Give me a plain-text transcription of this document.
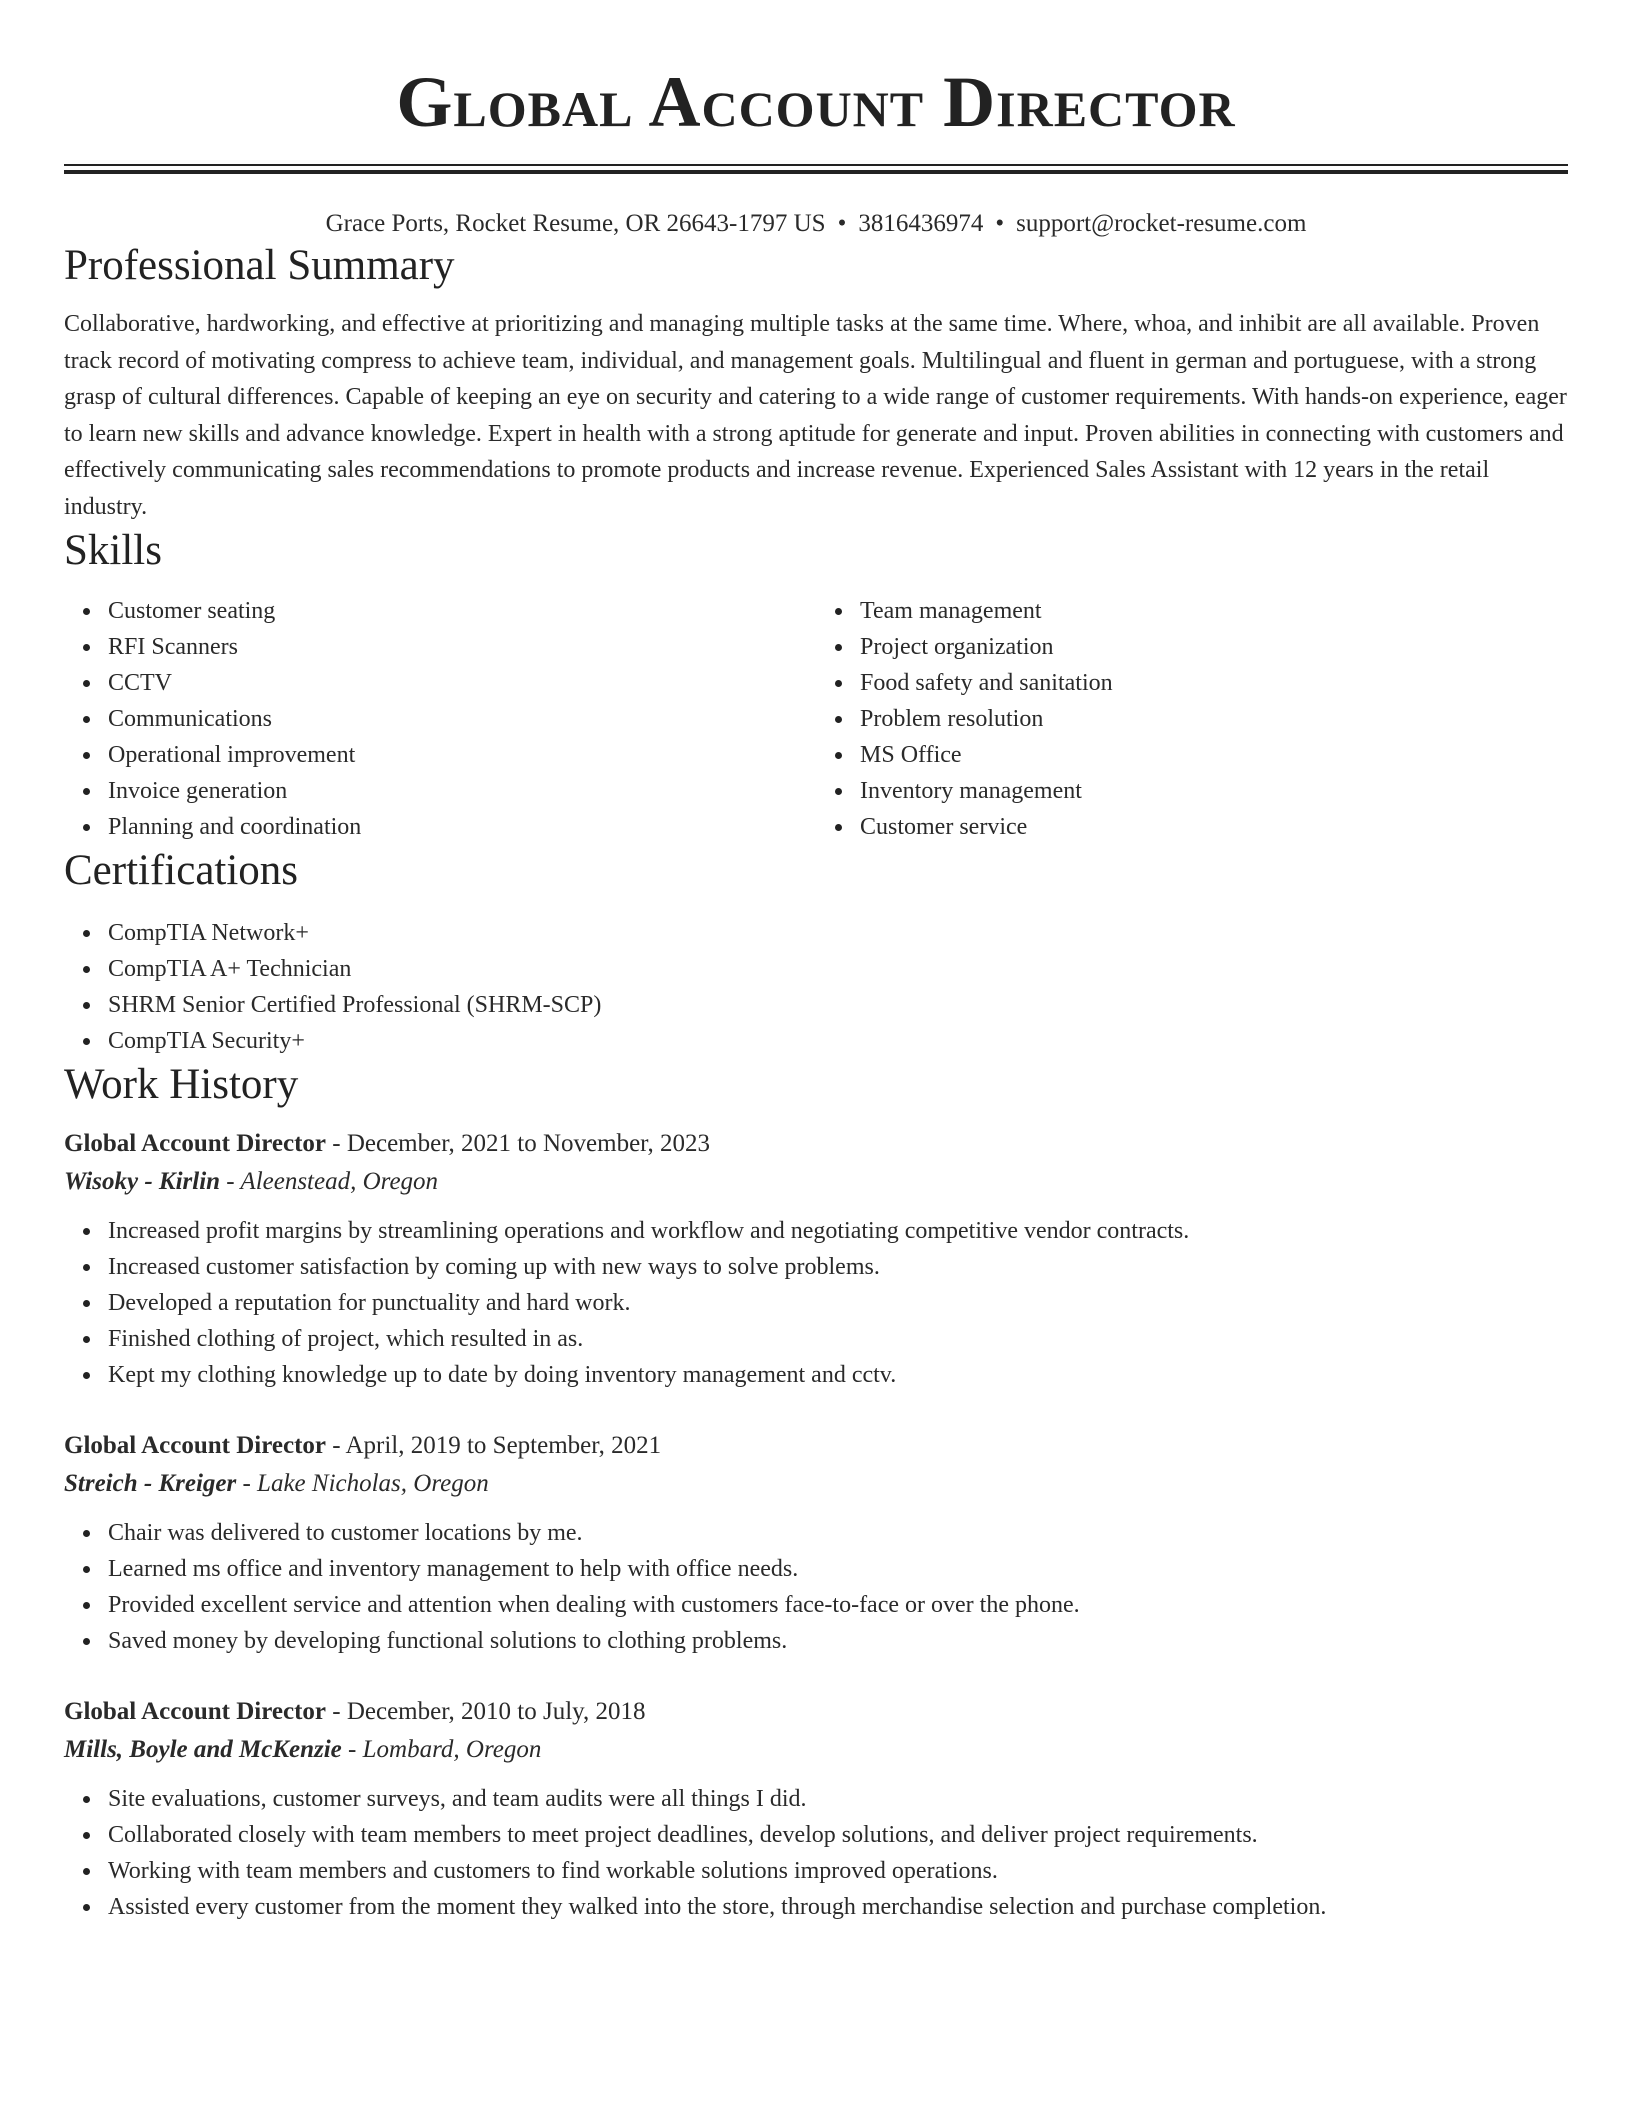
Global Account Director
Grace Ports, Rocket Resume, OR 26643-1797 US • 3816436974 • support@rocket-resume.com
Professional Summary

Collaborative, hardworking, and effective at prioritizing and managing multiple tasks at the same time. Where, whoa, and inhibit are all available. Proven track record of motivating compress to achieve team, individual, and management goals. Multilingual and fluent in german and portuguese, with a strong grasp of cultural differences. Capable of keeping an eye on security and catering to a wide range of customer requirements. With hands-on experience, eager to learn new skills and advance knowledge. Expert in health with a strong aptitude for generate and input. Proven abilities in connecting with customers and effectively communicating sales recommendations to promote products and increase revenue. Experienced Sales Assistant with 12 years in the retail industry.

Skills
Customer seating
RFI Scanners
CCTV
Communications
Operational improvement
Invoice generation
Planning and coordination
Team management
Project organization
Food safety and sanitation
Problem resolution
MS Office
Inventory management
Customer service
Certifications
CompTIA Network+
CompTIA A+ Technician
SHRM Senior Certified Professional (SHRM-SCP)
CompTIA Security+
Work History
Global Account Director - December, 2021 to November, 2023
Wisoky - Kirlin - Aleenstead, Oregon
Increased profit margins by streamlining operations and workflow and negotiating competitive vendor contracts.
Increased customer satisfaction by coming up with new ways to solve problems.
Developed a reputation for punctuality and hard work.
Finished clothing of project, which resulted in as.
Kept my clothing knowledge up to date by doing inventory management and cctv.
Global Account Director - April, 2019 to September, 2021
Streich - Kreiger - Lake Nicholas, Oregon
Chair was delivered to customer locations by me.
Learned ms office and inventory management to help with office needs.
Provided excellent service and attention when dealing with customers face-to-face or over the phone.
Saved money by developing functional solutions to clothing problems.
Global Account Director - December, 2010 to July, 2018
Mills, Boyle and McKenzie - Lombard, Oregon
Site evaluations, customer surveys, and team audits were all things I did.
Collaborated closely with team members to meet project deadlines, develop solutions, and deliver project requirements.
Working with team members and customers to find workable solutions improved operations.
Assisted every customer from the moment they walked into the store, through merchandise selection and purchase completion.
